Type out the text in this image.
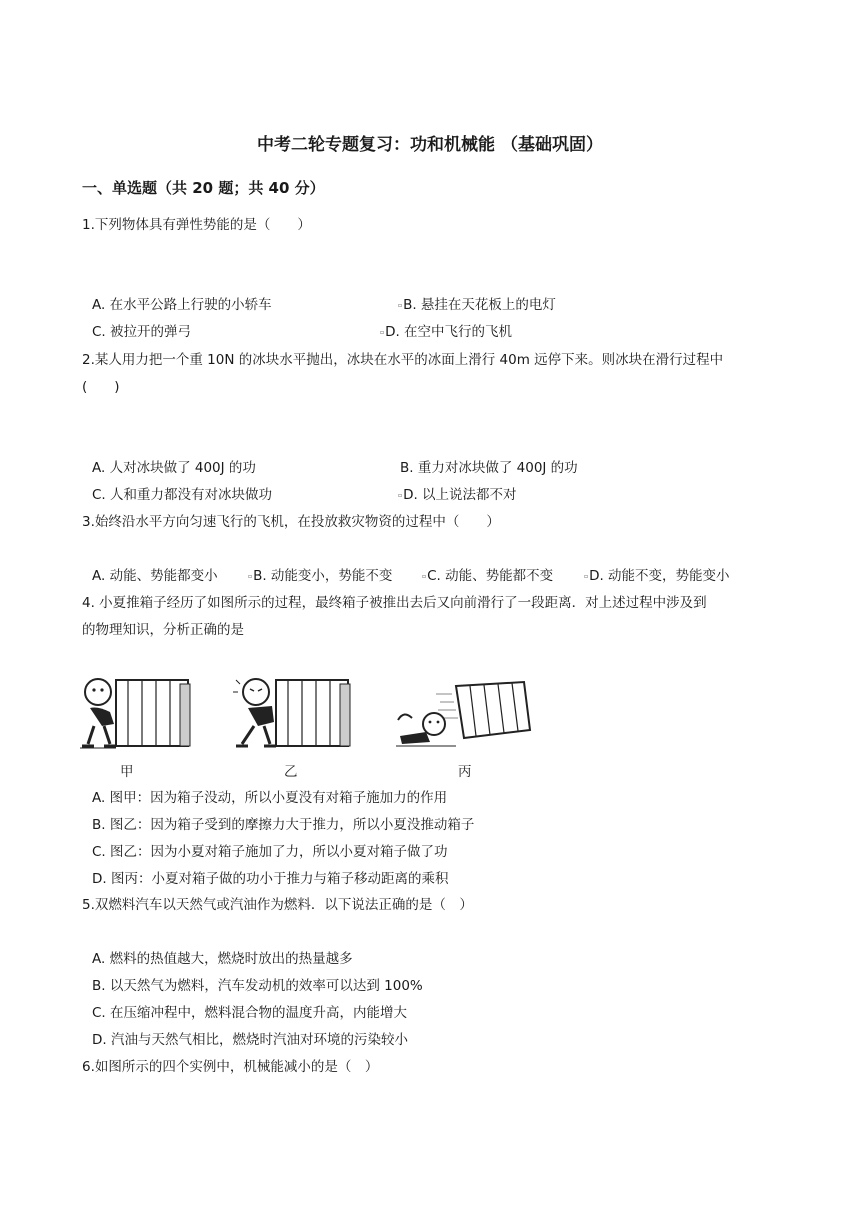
中考二轮专题复习：功和机械能 （基础巩固）
一、单选题（共 20 题；共 40 分）
1.下列物体具有弹性势能的是（　　）
A. 在水平公路上行驶的小轿车	▫B. 悬挂在天花板上的电灯
C. 被拉开的弹弓	▫D. 在空中飞行的飞机
2.某人用力把一个重 10N 的冰块水平抛出，冰块在水平的冰面上滑行 40m 远停下来。则冰块在滑行过程中
(　　)
A. 人对冰块做了 400J 的功	B. 重力对冰块做了 400J 的功
C. 人和重力都没有对冰块做功	▫D. 以上说法都不对
3.始终沿水平方向匀速飞行的飞机，在投放救灾物资的过程中（　　）
A. 动能、势能都变小	▫B. 动能变小，势能不变	▫C. 动能、势能都不变	▫D. 动能不变，势能变小
4. 小夏推箱子经历了如图所示的过程，最终箱子被推出去后又向前滑行了一段距离．对上述过程中涉及到
的物理知识，分析正确的是
甲	乙	丙
A. 图甲：因为箱子没动，所以小夏没有对箱子施加力的作用
B. 图乙：因为箱子受到的摩擦力大于推力，所以小夏没推动箱子
C. 图乙：因为小夏对箱子施加了力，所以小夏对箱子做了功
D. 图丙：小夏对箱子做的功小于推力与箱子移动距离的乘积
5.双燃料汽车以天然气或汽油作为燃料．以下说法正确的是（　）
A. 燃料的热值越大，燃烧时放出的热量越多
B. 以天然气为燃料，汽车发动机的效率可以达到 100%
C. 在压缩冲程中，燃料混合物的温度升高，内能增大
D. 汽油与天然气相比，燃烧时汽油对环境的污染较小
6.如图所示的四个实例中，机械能减小的是（　）
